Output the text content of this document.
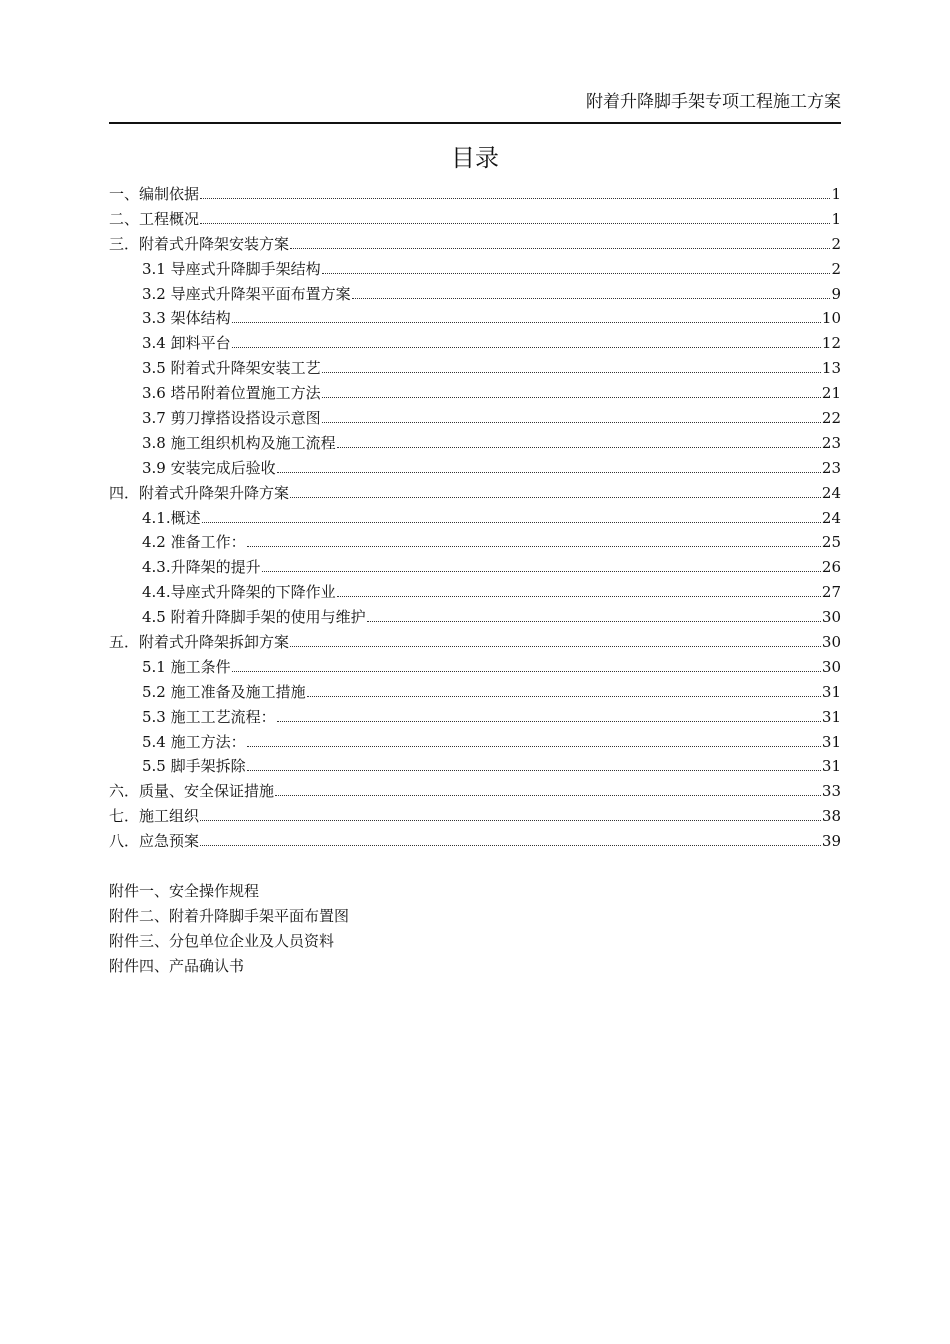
附着升降脚手架专项工程施工方案
目录
一、编制依据	1
二、工程概况	1
三．附着式升降架安装方案	2
3.1 导座式升降脚手架结构	2
3.2 导座式升降架平面布置方案	9
3.3 架体结构	10
3.4 卸料平台	12
3.5 附着式升降架安装工艺	13
3.6 塔吊附着位置施工方法	21
3.7 剪刀撑搭设搭设示意图	22
3.8 施工组织机构及施工流程	23
3.9 安装完成后验收	23
四．附着式升降架升降方案	24
4.1.概述	24
4.2 准备工作：	25
4.3.升降架的提升	26
4.4.导座式升降架的下降作业	27
4.5 附着升降脚手架的使用与维护	30
五．附着式升降架拆卸方案	30
5.1 施工条件	30
5.2 施工准备及施工措施	31
5.3 施工工艺流程：	31
5.4 施工方法：	31
5.5 脚手架拆除	31
六．质量、安全保证措施	33
七．施工组织	38
八．应急预案	39
附件一、安全操作规程
附件二、附着升降脚手架平面布置图
附件三、分包单位企业及人员资料
附件四、产品确认书
